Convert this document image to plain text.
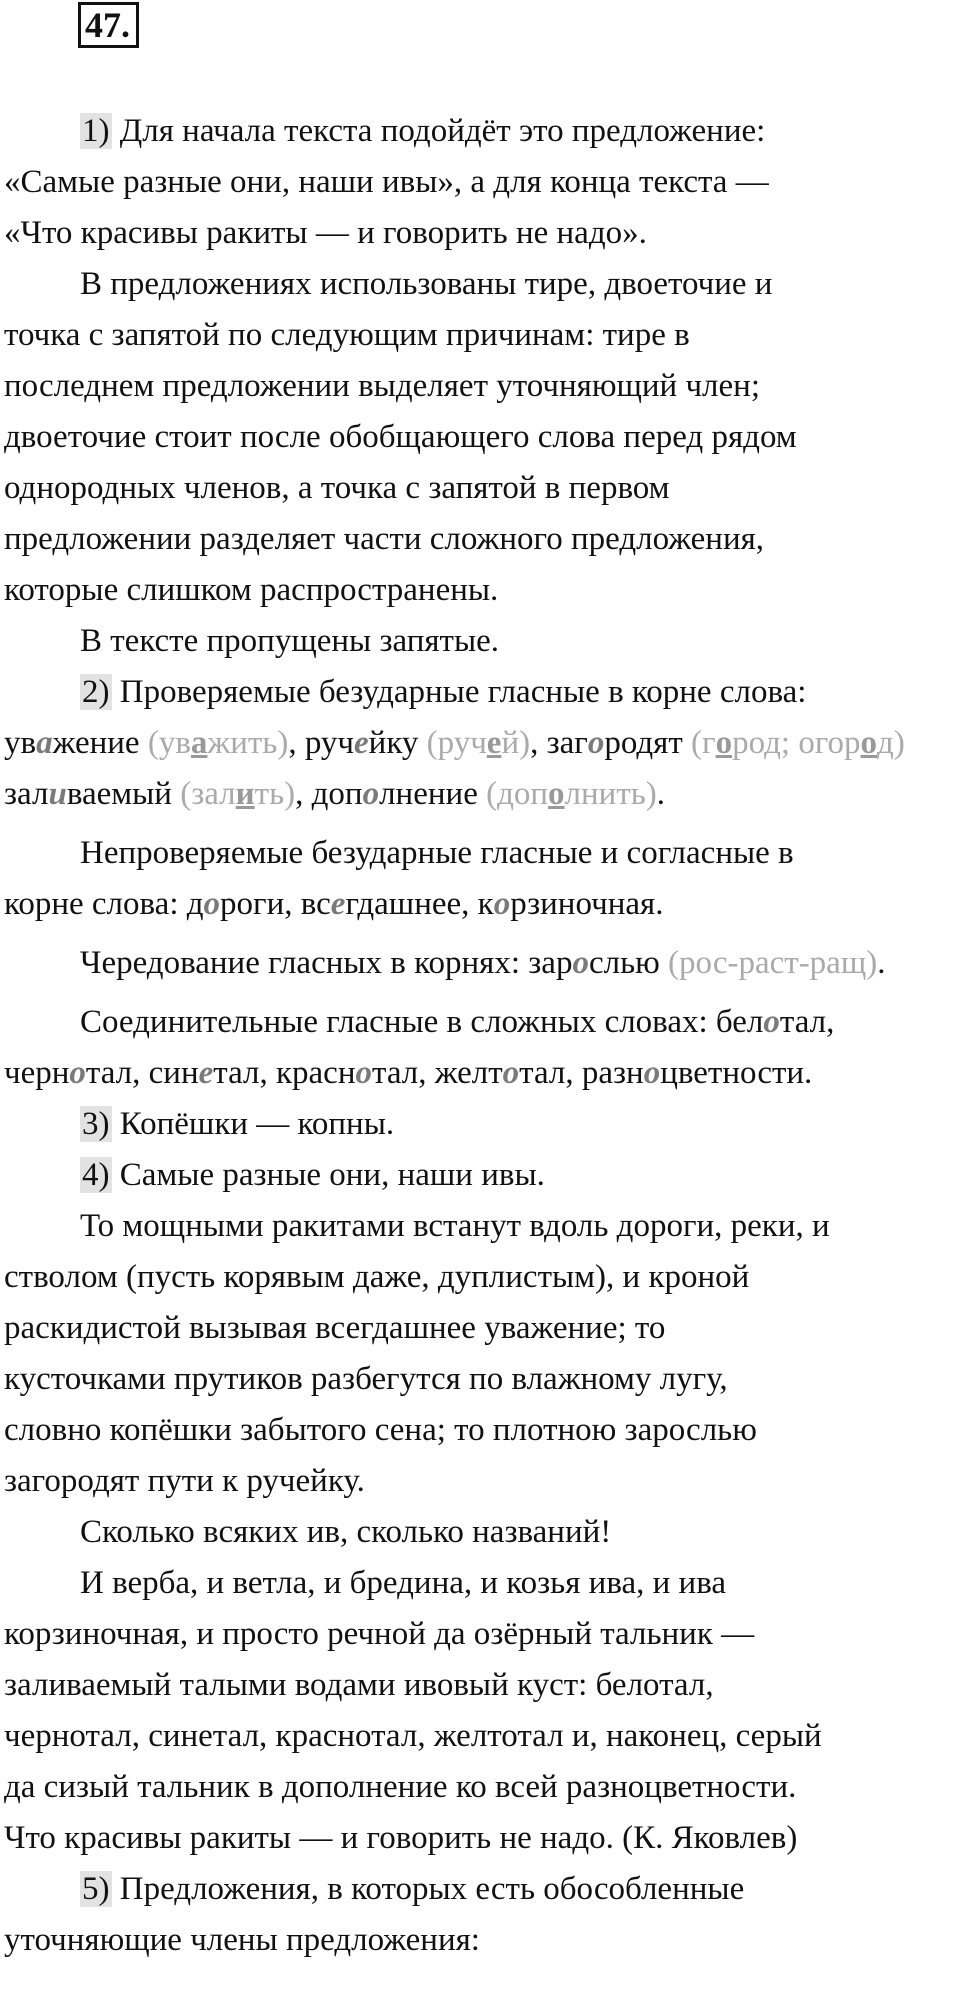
47.

1) Для начала текста подойдёт это предложение:
«Самые разные они, наши ивы», а для конца текста —
«Что красивы ракиты — и говорить не надо».

В предложениях использованы тире, двоеточие и
точка с запятой по следующим причинам: тире в
последнем предложении выделяет уточняющий член;
двоеточие стоит после обобщающего слова перед рядом
однородных членов, а точка с запятой в первом
предложении разделяет части сложного предложения,
которые слишком распространены.

В тексте пропущены запятые.

2) Проверяемые безударные гласные в корне слова:
уважение (уважить), ручейку (ручей), загородят (город; огород) заливаемый (залить), дополнение (дополнить).

Непроверяемые безударные гласные и согласные в
корне слова: дороги, всегдашнее, корзиночная.

Чередование гласных в корнях: зарослью (рос-раст-ращ).

Соединительные гласные в сложных словах: белотал, чернотал, синетал, краснотал, желтотал, разноцветности.

3) Копёшки — копны.

4) Самые разные они, наши ивы.

То мощными ракитами встанут вдоль дороги, реки, и
стволом (пусть корявым даже, дуплистым), и кроной
раскидистой вызывая всегдашнее уважение; то
кусточками прутиков разбегутся по влажному лугу,
словно копёшки забытого сена; то плотною зарослью
загородят пути к ручейку.

Сколько всяких ив, сколько названий!

И верба, и ветла, и бредина, и козья ива, и ива
корзиночная, и просто речной да озёрный тальник —
заливаемый талыми водами ивовый куст: белотал,
чернотал, синетал, краснотал, желтотал и, наконец, серый
да сизый тальник в дополнение ко всей разноцветности.
Что красивы ракиты — и говорить не надо. (К. Яковлев)

5) Предложения, в которых есть обособленные
уточняющие члены предложения:
